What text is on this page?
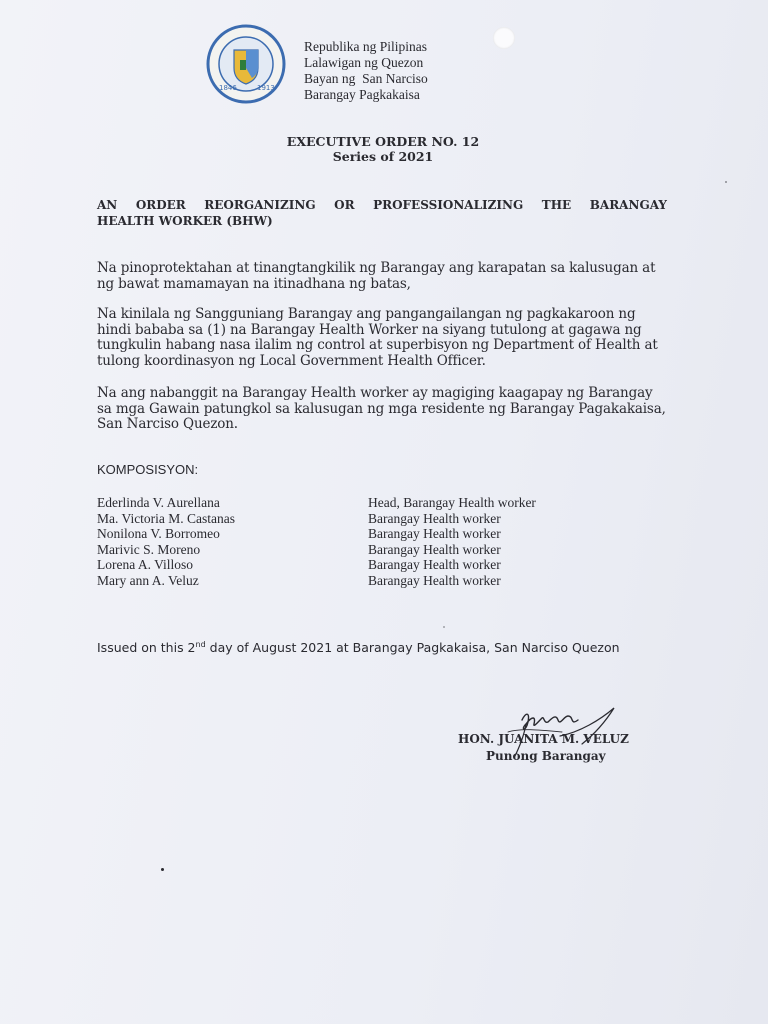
1846	1913
Republika ng Pilipinas
Lalawigan ng Quezon
Bayan ng  San Narciso
Barangay Pagkakaisa
EXECUTIVE ORDER NO. 12
Series of 2021
AN ORDER REORGANIZING OR PROFESSIONALIZING THE BARANGAY
HEALTH WORKER (BHW)
Na pinoprotektahan at tinangtangkilik ng Barangay ang karapatan sa kalusugan at ng bawat mamamayan na itinadhana ng batas,
Na kinilala ng Sangguniang Barangay ang pangangailangan ng pagkakaroon ng hindi bababa sa (1) na Barangay Health Worker na siyang tutulong at gagawa ng tungkulin habang nasa ilalim ng control at superbisyon ng Department of Health at tulong koordinasyon ng Local Government Health Officer.
Na ang nabanggit na Barangay Health worker ay magiging kaagapay ng Barangay sa mga Gawain patungkol sa kalusugan ng mga residente ng Barangay Pagakakaisa, San Narciso Quezon.
KOMPOSISYON:
Ederlinda V. Aurellana	Head, Barangay Health worker
Ma. Victoria M. Castanas	Barangay Health worker
Nonilona V. Borromeo	Barangay Health worker
Marivic S. Moreno	Barangay Health worker
Lorena A. Villoso	Barangay Health worker
Mary ann A. Veluz	Barangay Health worker
Issued on this 2nd day of August 2021 at Barangay Pagkakaisa, San Narciso Quezon
HON. JUANITA M. VELUZ
Punong Barangay
